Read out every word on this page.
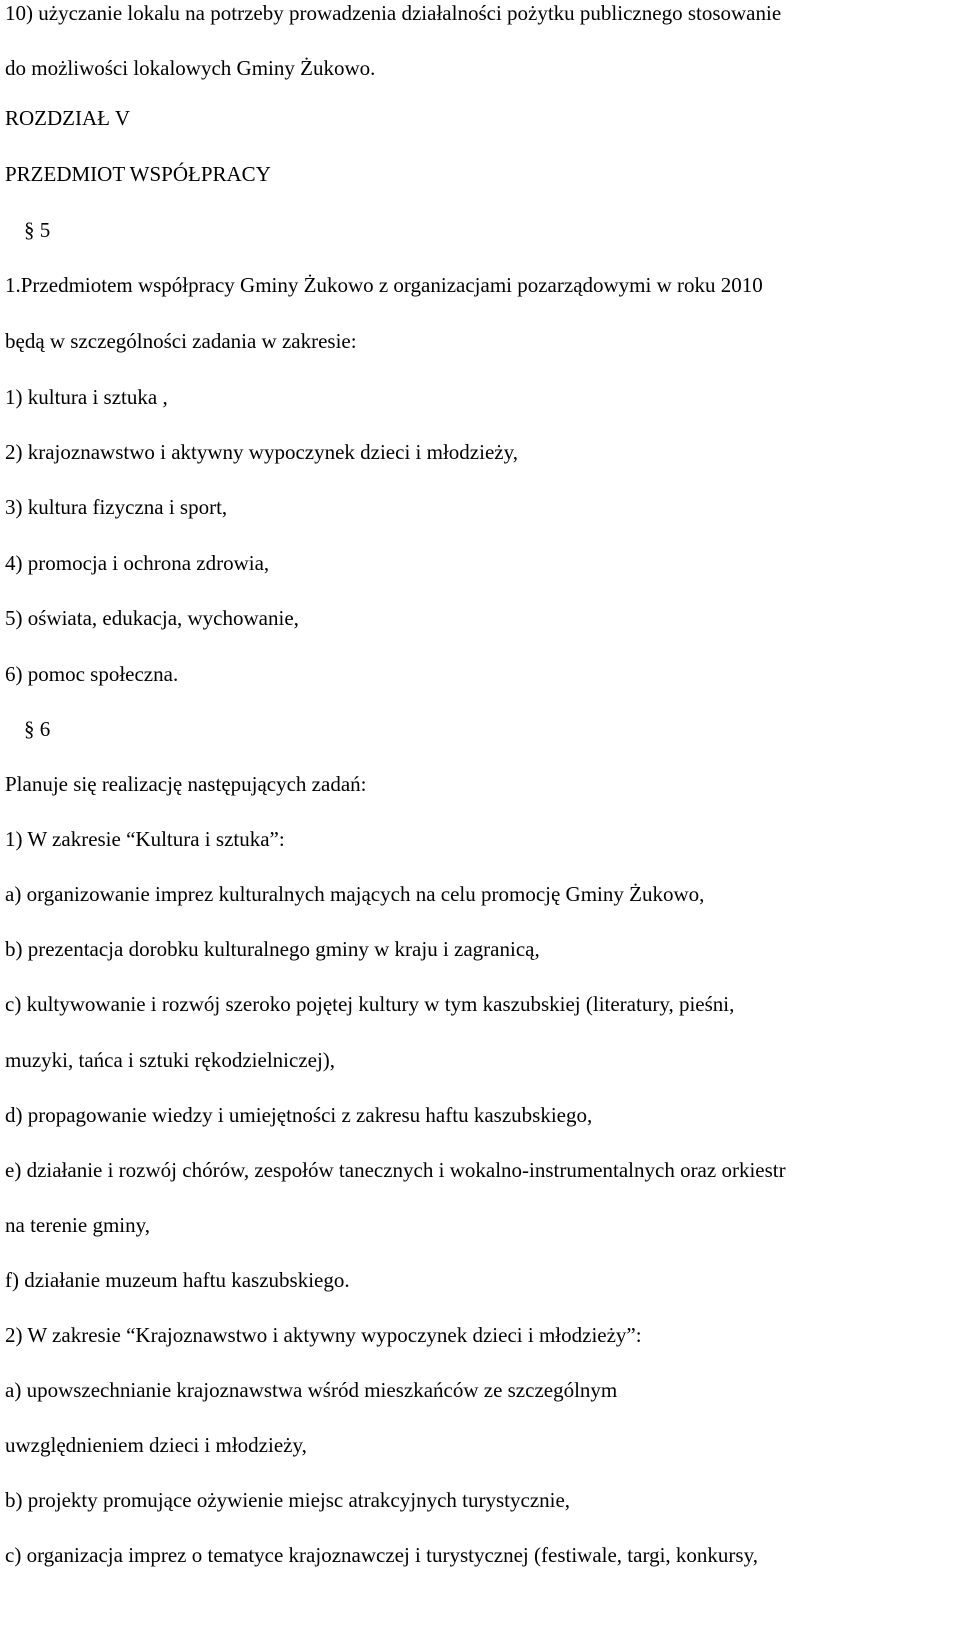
10) użyczanie lokalu na potrzeby prowadzenia działalności pożytku publicznego stosowanie
do możliwości lokalowych Gminy Żukowo.
ROZDZIAŁ V
PRZEDMIOT WSPÓŁPRACY
§ 5
1.Przedmiotem współpracy Gminy Żukowo z organizacjami pozarządowymi w roku 2010
będą w szczególności zadania w zakresie:
1) kultura i sztuka ,
2) krajoznawstwo i aktywny wypoczynek dzieci i młodzieży,
3) kultura fizyczna i sport,
4) promocja i ochrona zdrowia,
5) oświata, edukacja, wychowanie,
6) pomoc społeczna.
§ 6
Planuje się realizację następujących zadań:
1) W zakresie “Kultura i sztuka”:
a) organizowanie imprez kulturalnych mających na celu promocję Gminy Żukowo,
b) prezentacja dorobku kulturalnego gminy w kraju i zagranicą,
c) kultywowanie i rozwój szeroko pojętej kultury w tym kaszubskiej (literatury, pieśni,
muzyki, tańca i sztuki rękodzielniczej),
d) propagowanie wiedzy i umiejętności z zakresu haftu kaszubskiego,
e) działanie i rozwój chórów, zespołów tanecznych i wokalno-instrumentalnych oraz orkiestr
na terenie gminy,
f) działanie muzeum haftu kaszubskiego.
2) W zakresie “Krajoznawstwo i aktywny wypoczynek dzieci i młodzieży”:
a) upowszechnianie krajoznawstwa wśród mieszkańców ze szczególnym
uwzględnieniem dzieci i młodzieży,
b) projekty promujące ożywienie miejsc atrakcyjnych turystycznie,
c) organizacja imprez o tematyce krajoznawczej i turystycznej (festiwale, targi, konkursy,
